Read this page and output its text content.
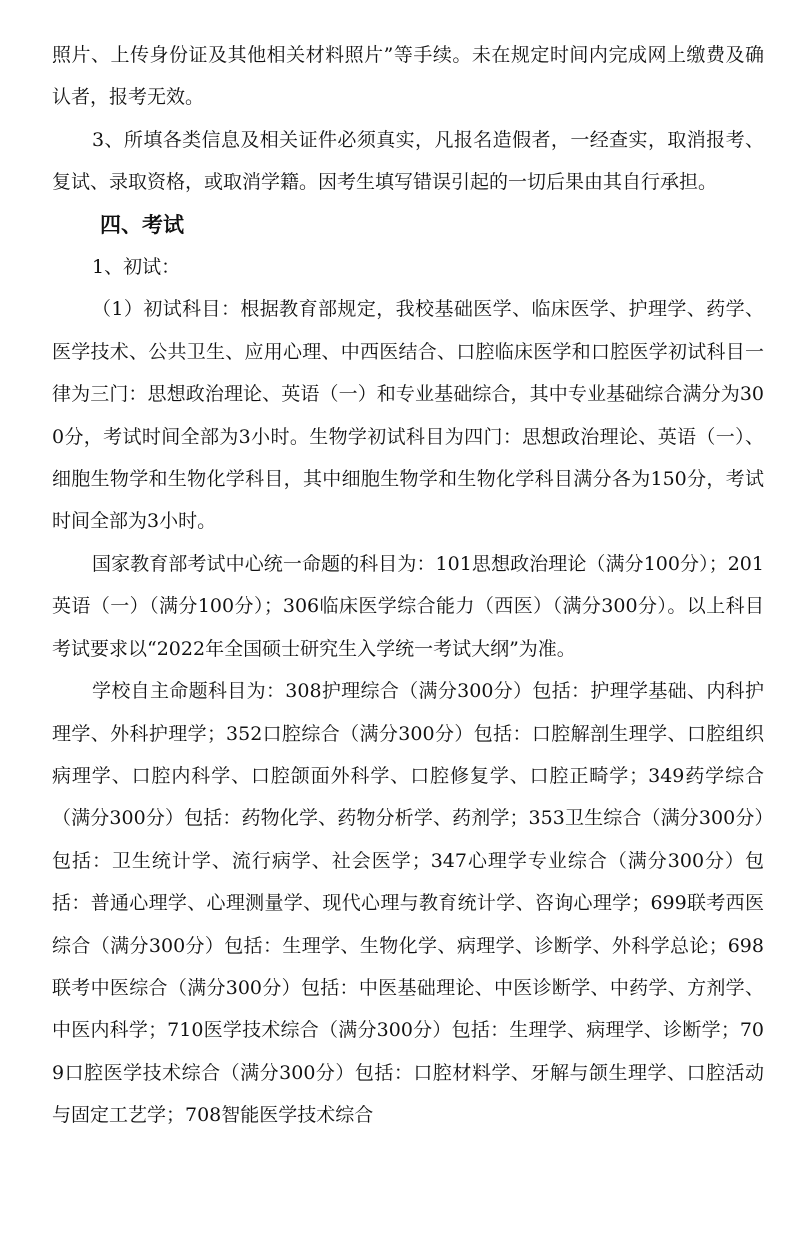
照片、上传身份证及其他相关材料照片”等手续。未在规定时间内完成网上缴费及确认者，报考无效。

3、所填各类信息及相关证件必须真实，凡报名造假者，一经查实，取消报考、复试、录取资格，或取消学籍。因考生填写错误引起的一切后果由其自行承担。

四、考试

1、初试：

（1）初试科目：根据教育部规定，我校基础医学、临床医学、护理学、药学、医学技术、公共卫生、应用心理、中西医结合、口腔临床医学和口腔医学初试科目一律为三门：思想政治理论、英语（一）和专业基础综合，其中专业基础综合满分为300分，考试时间全部为3小时。生物学初试科目为四门：思想政治理论、英语（一）、细胞生物学和生物化学科目，其中细胞生物学和生物化学科目满分各为150分，考试时间全部为3小时。

国家教育部考试中心统一命题的科目为：101思想政治理论（满分100分）；201英语（一）（满分100分）；306临床医学综合能力（西医）（满分300分）。以上科目考试要求以“2022年全国硕士研究生入学统一考试大纲”为准。

学校自主命题科目为：308护理综合（满分300分）包括：护理学基础、内科护理学、外科护理学；352口腔综合（满分300分）包括：口腔解剖生理学、口腔组织病理学、口腔内科学、口腔颌面外科学、口腔修复学、口腔正畸学；349药学综合（满分300分）包括：药物化学、药物分析学、药剂学；353卫生综合（满分300分）包括：卫生统计学、流行病学、社会医学；347心理学专业综合（满分300分）包括：普通心理学、心理测量学、现代心理与教育统计学、咨询心理学；699联考西医综合（满分300分）包括：生理学、生物化学、病理学、诊断学、外科学总论；698联考中医综合（满分300分）包括：中医基础理论、中医诊断学、中药学、方剂学、中医内科学；710医学技术综合（满分300分）包括：生理学、病理学、诊断学；709口腔医学技术综合（满分300分）包括：口腔材料学、牙解与颌生理学、口腔活动与固定工艺学；708智能医学技术综合
